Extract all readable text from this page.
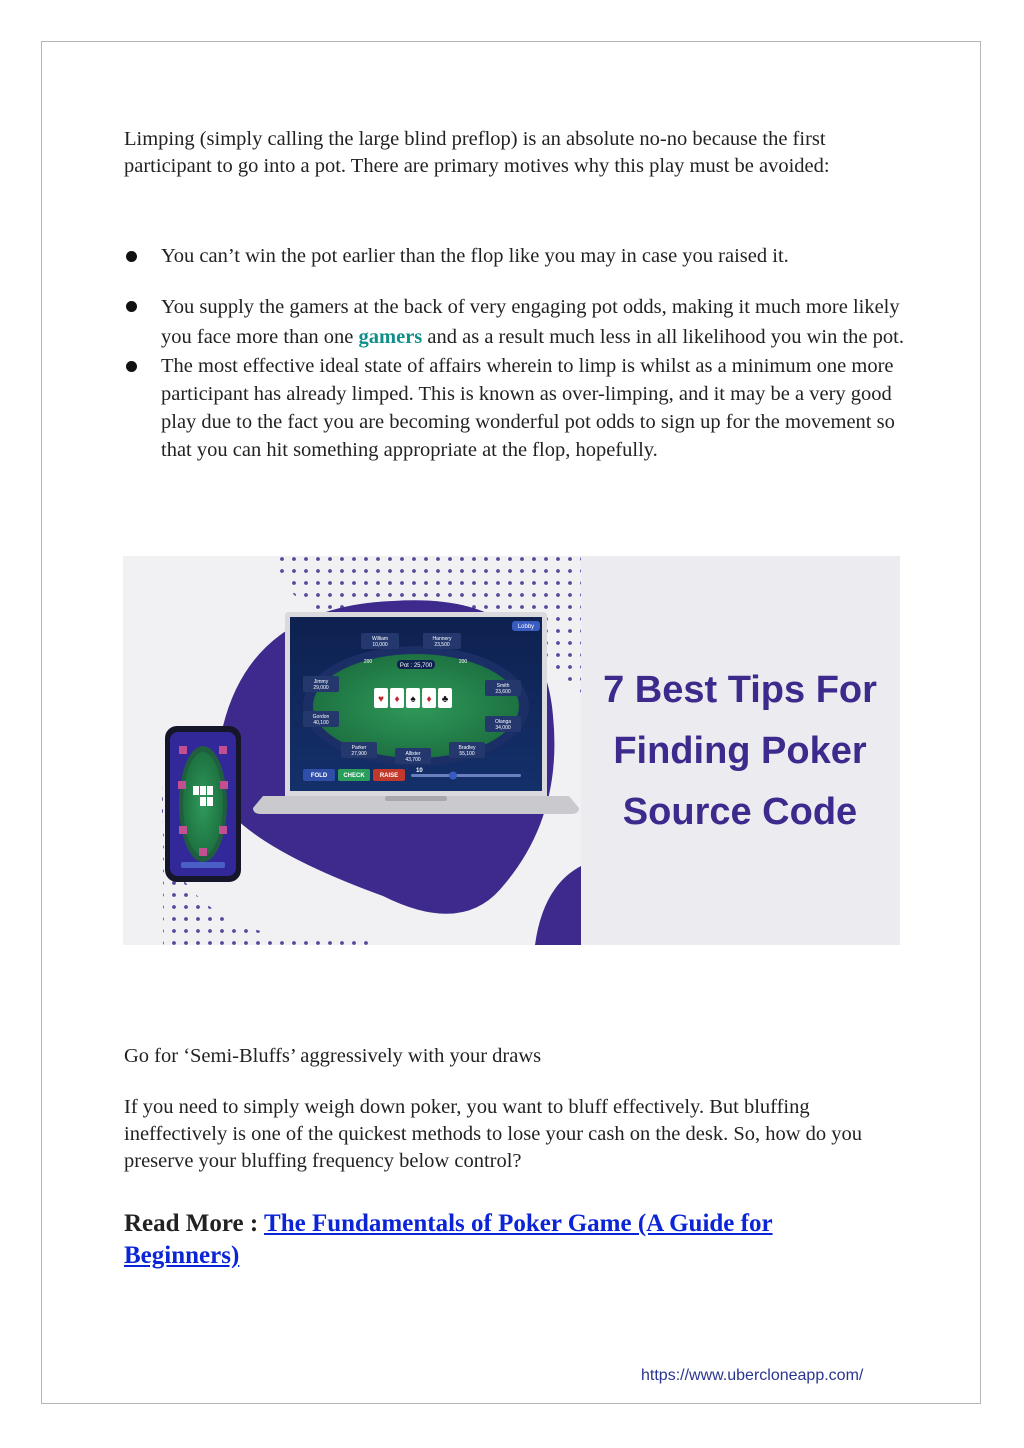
Limping (simply calling the large blind preflop) is an absolute no-no because the first participant to go into a pot. There are primary motives why this play must be avoided:

You can’t win the pot earlier than the flop like you may in case you raised it.
You supply the gamers at the back of very engaging pot odds, making it much more likely you face more than one gamers and as a result much less in all likelihood you win the pot.
The most effective ideal state of affairs wherein to limp is whilst as a minimum one more participant has already limped. This is known as over-limping, and it may be a very good play due to the fact you are becoming wonderful pot odds to sign up for the movement so that you can hit something appropriate at the flop, hopefully.
Pot : 25,700
♥ ♦ ♠ ♦ ♣
William
10,000
Hannery
23,500
Jimmy
29,000	Smith
23,600
Gordon
40,100	Olanga
34,000
Parker
27,900	Allister
43,700
Bradley
55,100
200	200
Lobby
FOLD	CHECK	RAISE
10
7 Best Tips For
Finding Poker
Source Code

Go for ‘Semi-Bluffs’ aggressively with your draws

If you need to simply weigh down poker, you want to bluff effectively. But bluffing ineffectively is one of the quickest methods to lose your cash on the desk. So, how do you preserve your bluffing frequency below control?

Read More : The Fundamentals of Poker Game (A Guide for Beginners)

https://www.ubercloneapp.com/
